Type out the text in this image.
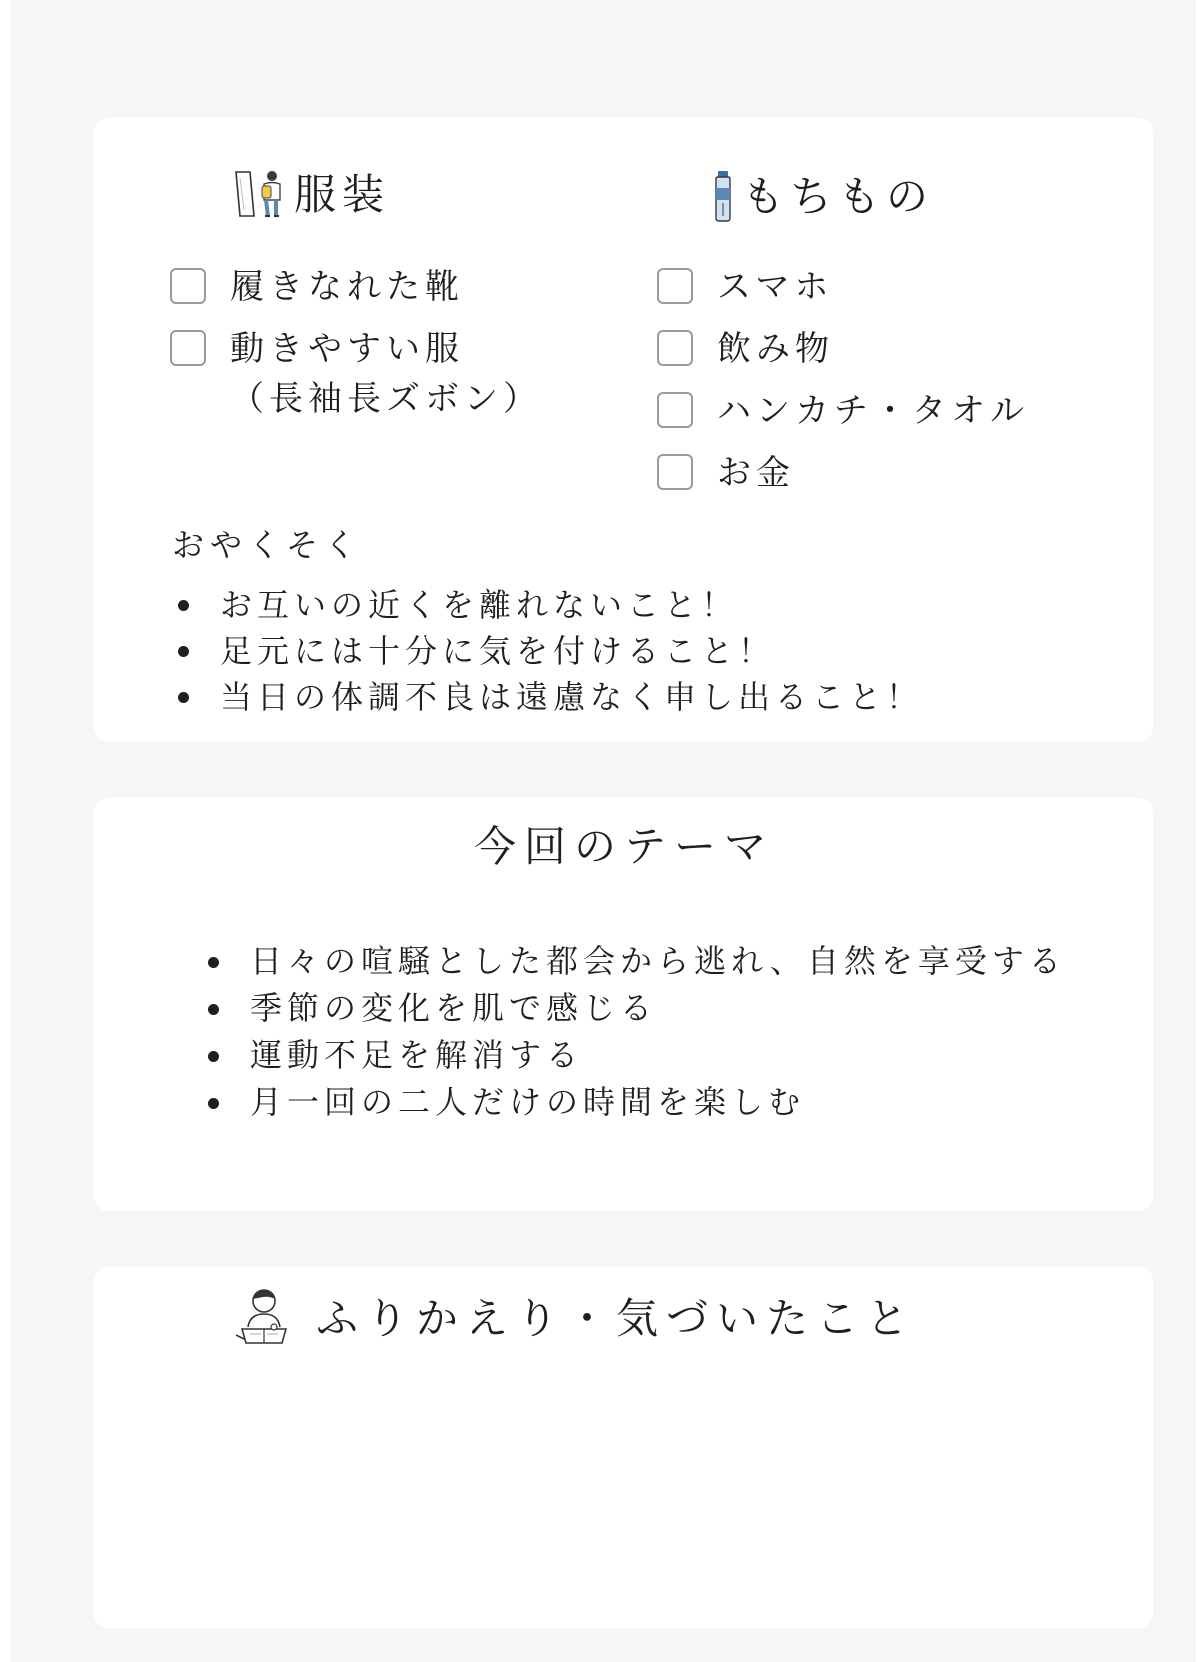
服装	もちもの
履きなれた靴
動きやすい服
（長袖長ズボン）
スマホ
飲み物
ハンカチ・タオル
お金
おやくそく
お互いの近くを離れないこと！
足元には十分に気を付けること！
当日の体調不良は遠慮なく申し出ること！
今回のテーマ
日々の喧騒とした都会から逃れ、自然を享受する
季節の変化を肌で感じる
運動不足を解消する
月一回の二人だけの時間を楽しむ
ふりかえり・気づいたこと
